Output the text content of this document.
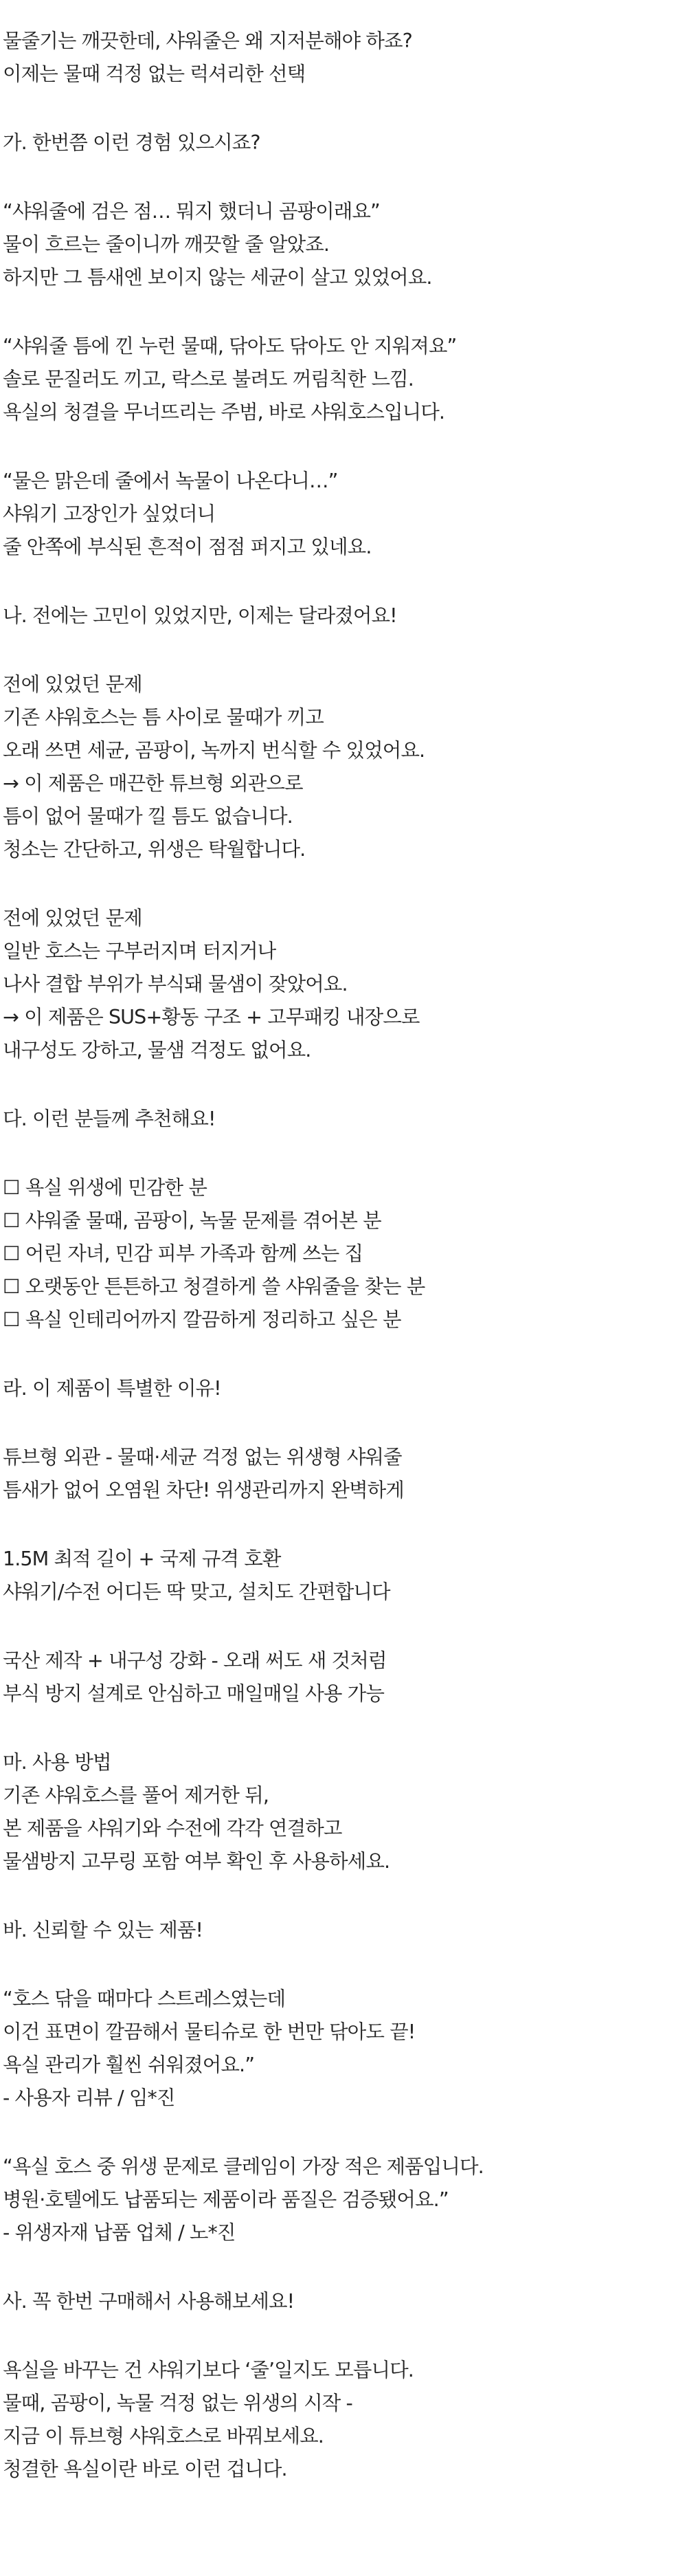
물줄기는 깨끗한데, 샤워줄은 왜 지저분해야 하죠?

이제는 물때 걱정 없는 럭셔리한 선택

가. 한번쯤 이런 경험 있으시죠?

“샤워줄에 검은 점… 뭐지 했더니 곰팡이래요”

물이 흐르는 줄이니까 깨끗할 줄 알았죠.

하지만 그 틈새엔 보이지 않는 세균이 살고 있었어요.

“샤워줄 틈에 낀 누런 물때, 닦아도 닦아도 안 지워져요”

솔로 문질러도 끼고, 락스로 불려도 꺼림칙한 느낌.

욕실의 청결을 무너뜨리는 주범, 바로 샤워호스입니다.

“물은 맑은데 줄에서 녹물이 나온다니…”

샤워기 고장인가 싶었더니

줄 안쪽에 부식된 흔적이 점점 퍼지고 있네요.

나. 전에는 고민이 있었지만, 이제는 달라졌어요!

전에 있었던 문제

기존 샤워호스는 틈 사이로 물때가 끼고

오래 쓰면 세균, 곰팡이, 녹까지 번식할 수 있었어요.

→ 이 제품은 매끈한 튜브형 외관으로

틈이 없어 물때가 낄 틈도 없습니다.

청소는 간단하고, 위생은 탁월합니다.

전에 있었던 문제

일반 호스는 구부러지며 터지거나

나사 결합 부위가 부식돼 물샘이 잦았어요.

→ 이 제품은 SUS+황동 구조 + 고무패킹 내장으로

내구성도 강하고, 물샘 걱정도 없어요.

다. 이런 분들께 추천해요!

☐ 욕실 위생에 민감한 분

☐ 샤워줄 물때, 곰팡이, 녹물 문제를 겪어본 분

☐ 어린 자녀, 민감 피부 가족과 함께 쓰는 집

☐ 오랫동안 튼튼하고 청결하게 쓸 샤워줄을 찾는 분

☐ 욕실 인테리어까지 깔끔하게 정리하고 싶은 분

라. 이 제품이 특별한 이유!

튜브형 외관 - 물때·세균 걱정 없는 위생형 샤워줄

틈새가 없어 오염원 차단! 위생관리까지 완벽하게

1.5M 최적 길이 + 국제 규격 호환

샤워기/수전 어디든 딱 맞고, 설치도 간편합니다

국산 제작 + 내구성 강화 - 오래 써도 새 것처럼

부식 방지 설계로 안심하고 매일매일 사용 가능

마. 사용 방법

기존 샤워호스를 풀어 제거한 뒤,

본 제품을 샤워기와 수전에 각각 연결하고

물샘방지 고무링 포함 여부 확인 후 사용하세요.

바. 신뢰할 수 있는 제품!

“호스 닦을 때마다 스트레스였는데

이건 표면이 깔끔해서 물티슈로 한 번만 닦아도 끝!

욕실 관리가 훨씬 쉬워졌어요.”

- 사용자 리뷰 / 임*진

“욕실 호스 중 위생 문제로 클레임이 가장 적은 제품입니다.

병원·호텔에도 납품되는 제품이라 품질은 검증됐어요.”

- 위생자재 납품 업체 / 노*진

사. 꼭 한번 구매해서 사용해보세요!

욕실을 바꾸는 건 샤워기보다 ‘줄’일지도 모릅니다.

물때, 곰팡이, 녹물 걱정 없는 위생의 시작 -

지금 이 튜브형 샤워호스로 바꿔보세요.

청결한 욕실이란 바로 이런 겁니다.
